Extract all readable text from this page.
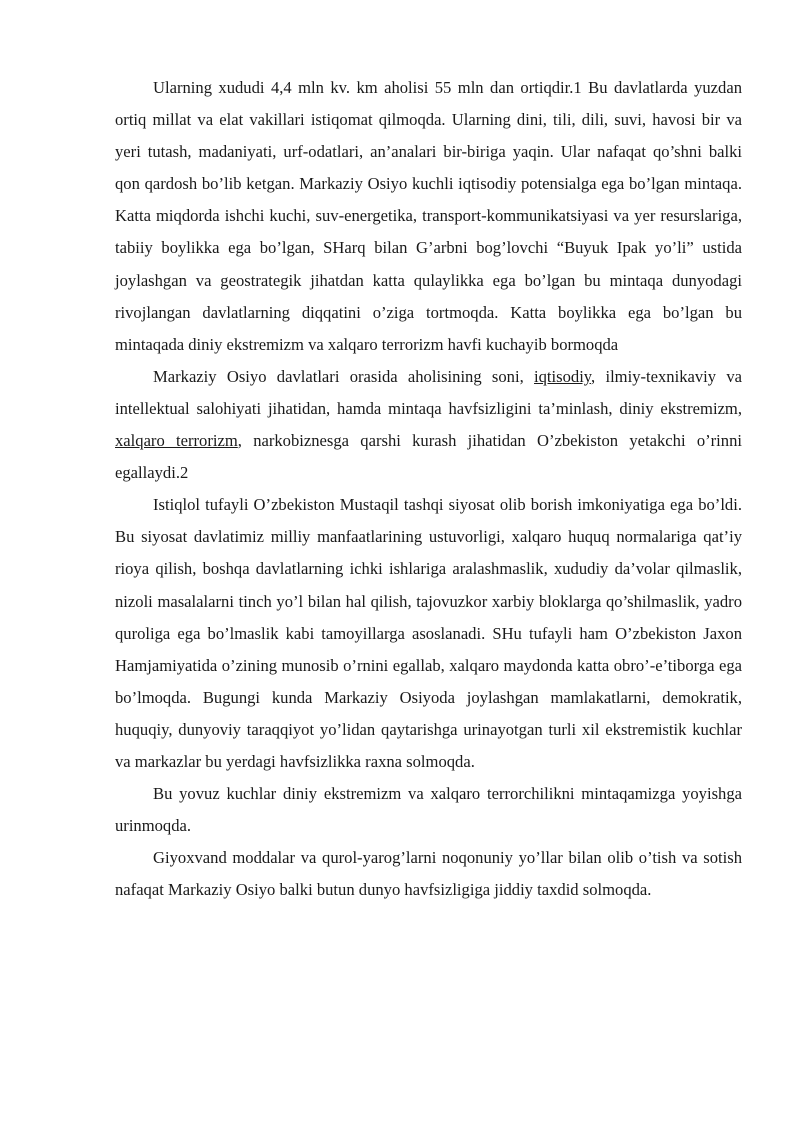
Ularning xududi 4,4 mln kv. km aholisi 55 mln dan ortiqdir.1 Bu davlatlarda yuzdan ortiq millat va elat vakillari istiqomat qilmoqda. Ularning dini, tili, dili, suvi, havosi bir va yeri tutash, madaniyati, urf-odatlari, an’analari bir-biriga yaqin. Ular nafaqat qo’shni balki qon qardosh bo’lib ketgan. Markaziy Osiyo kuchli iqtisodiy potensialga ega bo’lgan mintaqa. Katta miqdorda ishchi kuchi, suv-energetika, transport-kommunikatsiyasi va yer resurslariga, tabiiy boylikka ega bo’lgan, SHarq bilan G’arbni bog’lovchi “Buyuk Ipak yo’li” ustida joylashgan va geostrategik jihatdan katta qulaylikka ega bo’lgan bu mintaqa dunyodagi rivojlangan davlatlarning diqqatini o’ziga tortmoqda. Katta boylikka ega bo’lgan bu mintaqada diniy ekstremizm va xalqaro terrorizm havfi kuchayib bormoqda

Markaziy Osiyo davlatlari orasida aholisining soni, iqtisodiy, ilmiy-texnikaviy va intellektual salohiyati jihatidan, hamda mintaqa havfsizligini ta’minlash, diniy ekstremizm, xalqaro terrorizm, narkobiznesga qarshi kurash jihatidan O’zbekiston yetakchi o’rinni egallaydi.2

Istiqlol tufayli O’zbekiston Mustaqil tashqi siyosat olib borish imkoniyatiga ega bo’ldi. Bu siyosat davlatimiz milliy manfaatlarining ustuvorligi, xalqaro huquq normalariga qat’iy rioya qilish, boshqa davlatlarning ichki ishlariga aralashmaslik, xududiy da’volar qilmaslik, nizoli masalalarni tinch yo’l bilan hal qilish, tajovuzkor xarbiy bloklarga qo’shilmaslik, yadro quroliga ega bo’lmaslik kabi tamoyillarga asoslanadi. SHu tufayli ham O’zbekiston Jaxon Hamjamiyatida o’zining munosib o’rnini egallab, xalqaro maydonda katta obro’-e’tiborga ega bo’lmoqda. Bugungi kunda Markaziy Osiyoda joylashgan mamlakatlarni, demokratik, huquqiy, dunyoviy taraqqiyot yo’lidan qaytarishga urinayotgan turli xil ekstremistik kuchlar va markazlar bu yerdagi havfsizlikka raxna solmoqda.

Bu yovuz kuchlar diniy ekstremizm va xalqaro terrorchilikni mintaqamizga yoyishga urinmoqda.

Giyoxvand moddalar va qurol-yarog’larni noqonuniy yo’llar bilan olib o’tish va sotish nafaqat Markaziy Osiyo balki butun dunyo havfsizligiga jiddiy taxdid solmoqda.
